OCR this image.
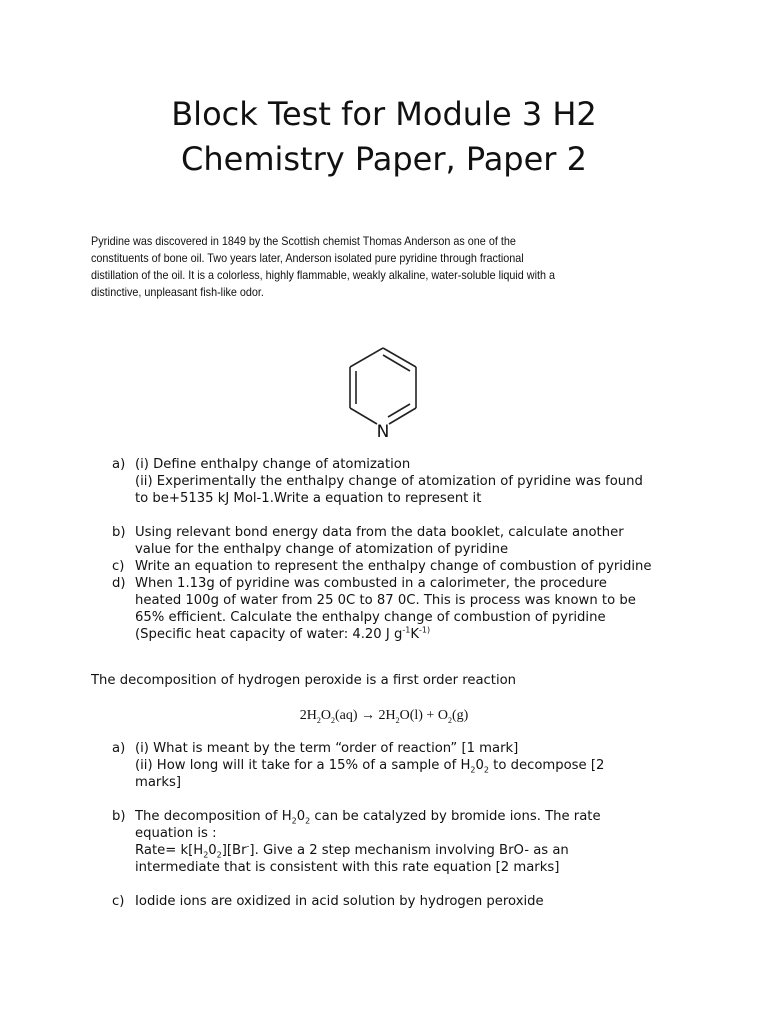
Block Test for Module 3 H2
Chemistry Paper, Paper 2
Pyridine was discovered in 1849 by the Scottish chemist Thomas Anderson as one of the
constituents of bone oil. Two years later, Anderson isolated pure pyridine through fractional
distillation of the oil. It is a colorless, highly flammable, weakly alkaline, water-soluble liquid with a
distinctive, unpleasant fish-like odor.
N
a) (i) Define enthalpy change of atomization
(ii) Experimentally the enthalpy change of atomization of pyridine was found
to be+5135 kJ Mol-1.Write a equation to represent it
b) Using relevant bond energy data from the data booklet, calculate another
value for the enthalpy change of atomization of pyridine
c) Write an equation to represent the enthalpy change of combustion of pyridine
d) When 1.13g of pyridine was combusted in a calorimeter, the procedure
heated 100g of water from 25 0C to 87 0C. This is process was known to be
65% efficient. Calculate the enthalpy change of combustion of pyridine
(Specific heat capacity of water: 4.20 J $g^{-1}K^{-1)}$
The decomposition of hydrogen peroxide is a first order reaction
$2H_2O_2(aq) \to 2H_2O(l) + O_2(g)$
a) (i) What is meant by the term “order of reaction” [1 mark]
(ii) How long will it take for a 15% of a sample of $H_20_2$ to decompose [2
marks]
b) The decomposition of $H_20_2$ can be catalyzed by bromide ions. The rate
equation is :
Rate= $k[H_20_2][Br^-]$. Give a 2 step mechanism involving BrO- as an
intermediate that is consistent with this rate equation [2 marks]
c) Iodide ions are oxidized in acid solution by hydrogen peroxide
